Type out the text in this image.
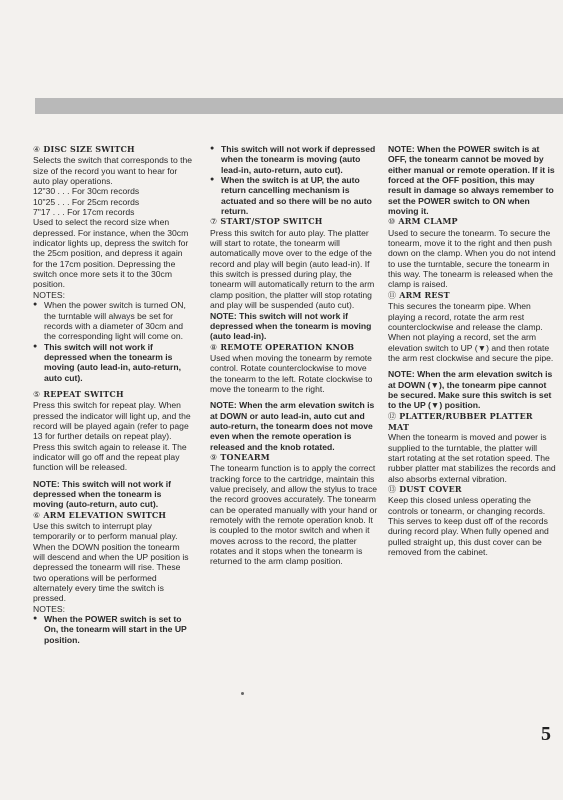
④ DISC SIZE SWITCH

Selects the switch that corresponds to the size of the record you want to hear for auto play operations.

12"30 . . . For 30cm records

10"25 . . . For 25cm records

7"17 . . . For 17cm records

Used to select the record size when depressed. For instance, when the 30cm indicator lights up, depress the switch for the 25cm position, and depress it again for the 17cm position. Depressing the switch once more sets it to the 30cm position.

NOTES:

● When the power switch is turned ON, the turntable will always be set for records with a diameter of 30cm and the corresponding light will come on.
● This switch will not work if depressed when the tonearm is moving (auto lead-in, auto-return, auto cut).

⑤ REPEAT SWITCH

Press this switch for repeat play. When pressed the indicator will light up, and the record will be played again (refer to page 13 for further details on repeat play). Press this switch again to release it. The indicator will go off and the repeat play function will be released.

NOTE: This switch will not work if depressed when the tonearm is moving (auto-return, auto cut).

⑥ ARM ELEVATION SWITCH

Use this switch to interrupt play temporarily or to perform manual play.

When the DOWN position the tonearm will descend and when the UP position is depressed the tonearm will rise. These two operations will be performed alternately every time the switch is pressed.

NOTES:

● When the POWER switch is set to On, the tonearm will start in the UP position.
● This switch will not work if depressed when the tonearm is moving (auto lead-in, auto-return, auto cut).
● When the switch is at UP, the auto return cancelling mechanism is actuated and so there will be no auto return.

⑦ START/STOP SWITCH

Press this switch for auto play. The platter will start to rotate, the tonearm will automatically move over to the edge of the record and play will begin (auto lead-in). If this switch is pressed during play, the tonearm will automatically return to the arm clamp position, the platter will stop rotating and play will be suspended (auto cut).

NOTE: This switch will not work if depressed when the tonearm is moving (auto lead-in).

⑧ REMOTE OPERATION KNOB

Used when moving the tonearm by remote control. Rotate counterclockwise to move the tonearm to the left. Rotate clockwise to move the tonearm to the right.

NOTE: When the arm elevation switch is at DOWN or auto lead-in, auto cut and auto-return, the tonearm does not move even when the remote operation is released and the knob rotated.

⑨ TONEARM

The tonearm function is to apply the correct tracking force to the cartridge, maintain this value precisely, and allow the stylus to trace the record grooves accurately. The tonearm can be operated manually with your hand or remotely with the remote operation knob. It is coupled to the motor switch and when it moves across to the record, the platter rotates and it stops when the tonearm is returned to the arm clamp position.

NOTE: When the POWER switch is at OFF, the tonearm cannot be moved by either manual or remote operation. If it is forced at the OFF position, this may result in damage so always remember to set the POWER switch to ON when moving it.

⑩ ARM CLAMP

Used to secure the tonearm. To secure the tonearm, move it to the right and then push down on the clamp. When you do not intend to use the turntable, secure the tonearm in this way. The tonearm is released when the clamp is raised.

⑪ ARM REST

This secures the tonearm pipe. When playing a record, rotate the arm rest counterclockwise and release the clamp. When not playing a record, set the arm elevation switch to UP (▼) and then rotate the arm rest clockwise and secure the pipe.

NOTE: When the arm elevation switch is at DOWN (▼), the tonearm pipe cannot be secured. Make sure this switch is set to the UP (▼) position.

⑫ PLATTER/RUBBER PLATTER MAT

When the tonearm is moved and power is supplied to the turntable, the platter will start rotating at the set rotation speed. The rubber platter mat stabilizes the records and also absorbs external vibration.

⑬ DUST COVER

Keep this closed unless operating the controls or tonearm, or changing records. This serves to keep dust off of the records during record play. When fully opened and pulled straight up, this dust cover can be removed from the cabinet.

5
